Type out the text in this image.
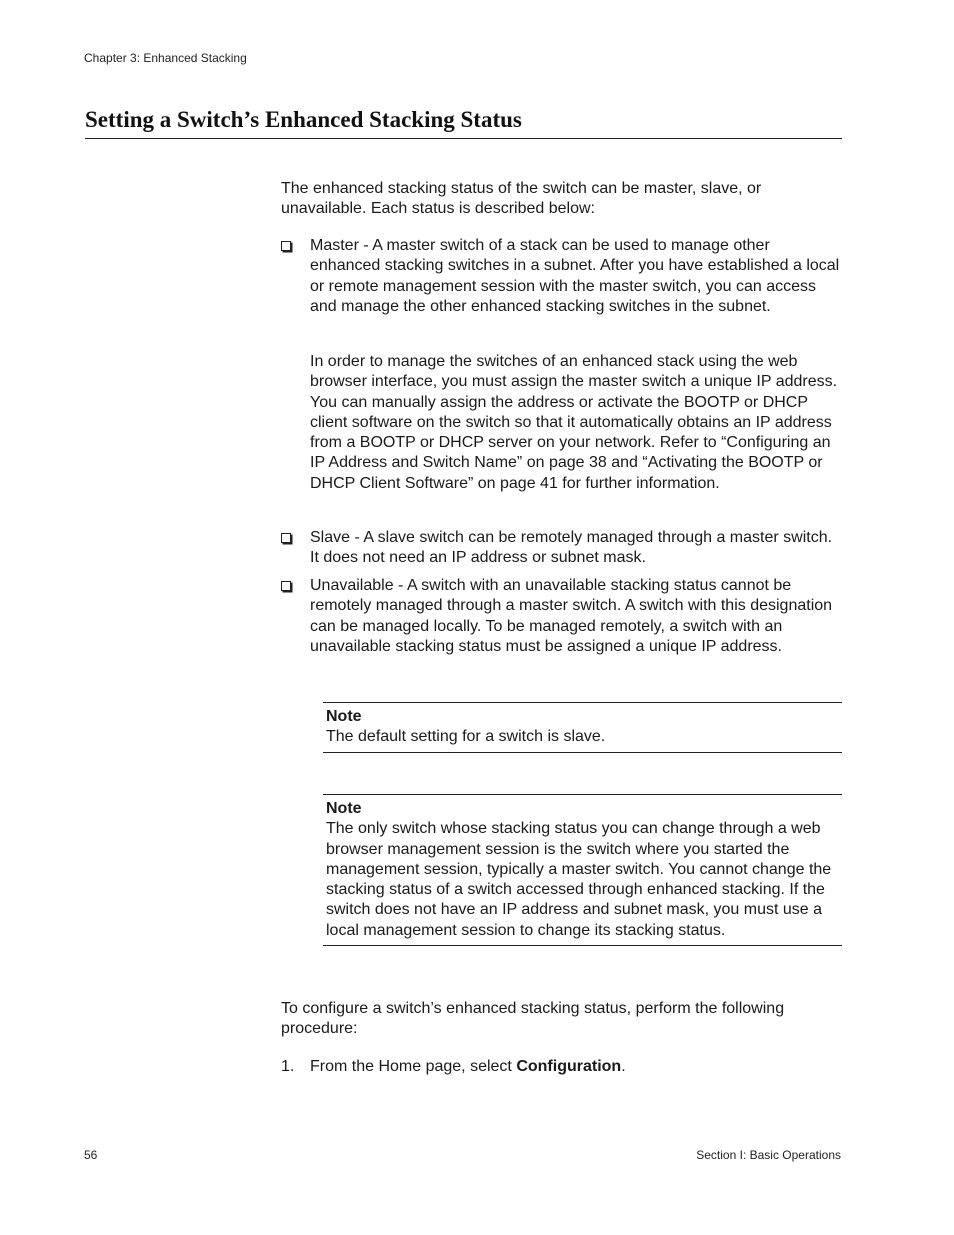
Chapter 3: Enhanced Stacking
Setting a Switch’s Enhanced Stacking Status

The enhanced stacking status of the switch can be master, slave, or unavailable. Each status is described below:

Master - A master switch of a stack can be used to manage other enhanced stacking switches in a subnet. After you have established a local or remote management session with the master switch, you can access and manage the other enhanced stacking switches in the subnet.

In order to manage the switches of an enhanced stack using the web browser interface, you must assign the master switch a unique IP address. You can manually assign the address or activate the BOOTP or DHCP client software on the switch so that it automatically obtains an IP address from a BOOTP or DHCP server on your network. Refer to “Configuring an IP Address and Switch Name” on page 38 and “Activating the BOOTP or DHCP Client Software” on page 41 for further information.

Slave - A slave switch can be remotely managed through a master switch. It does not need an IP address or subnet mask.
Unavailable - A switch with an unavailable stacking status cannot be remotely managed through a master switch. A switch with this designation can be managed locally. To be managed remotely, a switch with an unavailable stacking status must be assigned a unique IP address.
Note
The default setting for a switch is slave.
Note
The only switch whose stacking status you can change through a web browser management session is the switch where you started the management session, typically a master switch. You cannot change the stacking status of a switch accessed through enhanced stacking. If the switch does not have an IP address and subnet mask, you must use a local management session to change its stacking status.

To configure a switch’s enhanced stacking status, perform the following procedure:

1. From the Home page, select Configuration.
56	Section I: Basic Operations
